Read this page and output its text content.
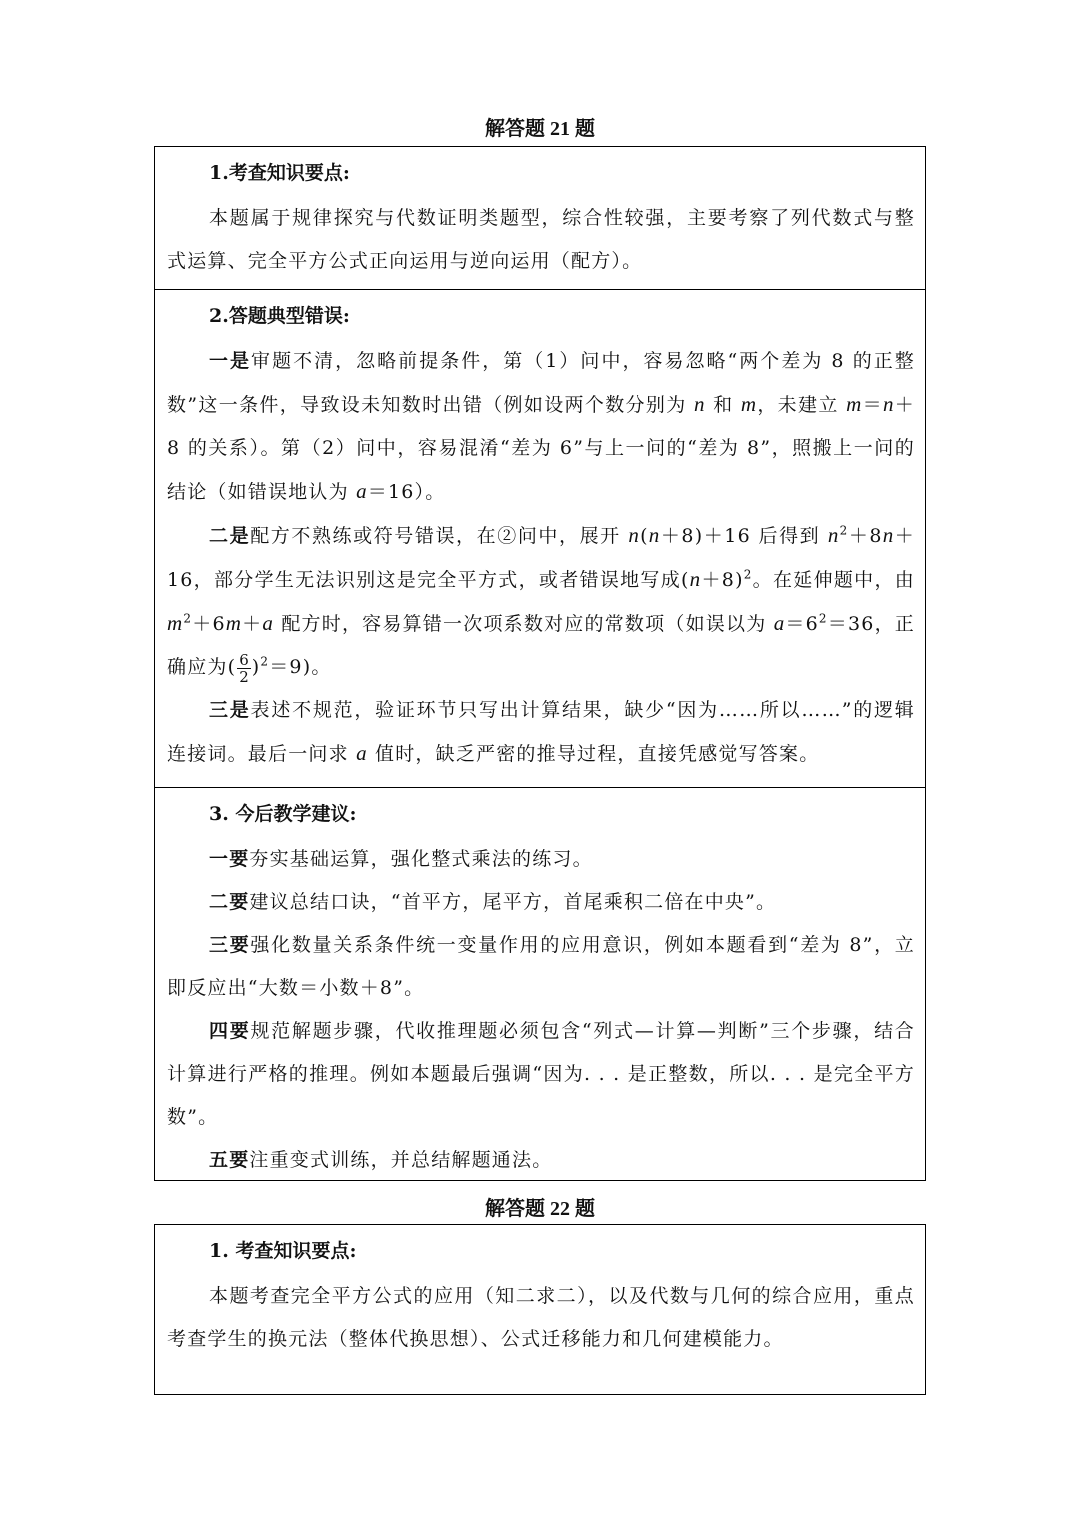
解答题 21 题
1.考查知识要点:

本题属于规律探究与代数证明类题型，综合性较强，主要考察了列代数式与整式运算、完全平方公式正向运用与逆向运用（配方）。

2.答题典型错误:

一是审题不清，忽略前提条件，第（1）问中，容易忽略“两个差为 8 的正整数”这一条件，导致设未知数时出错（例如设两个数分别为 n 和 m，未建立 m＝n＋8 的关系）。第（2）问中，容易混淆“差为 6”与上一问的“差为 8”，照搬上一问的结论（如错误地认为 a＝16）。

二是配方不熟练或符号错误，在②问中，展开 n(n＋8)＋16 后得到 $n^2+8n+16$，部分学生无法识别这是完全平方式，或者错误地写成$(n+8)^2$。在延伸题中，由 $m^2+6m+a$ 配方时，容易算错一次项系数对应的常数项（如误以为 $a=6^2=36$，正确应为( $\frac{6}{2} )^2=9$)。

三是表述不规范，验证环节只写出计算结果，缺少“因为……所以……”的逻辑连接词。最后一问求 a 值时，缺乏严密的推导过程，直接凭感觉写答案。

3. 今后教学建议:

一要夯实基础运算，强化整式乘法的练习。

二要建议总结口诀，“首平方，尾平方，首尾乘积二倍在中央”。

三要强化数量关系条件统一变量作用的应用意识，例如本题看到“差为 8”，立即反应出“大数＝小数＋8”。

四要规范解题步骤，代收推理题必须包含“列式—计算—判断”三个步骤，结合计算进行严格的推理。例如本题最后强调“因为. . . 是正整数，所以. . . 是完全平方数”。

五要注重变式训练，并总结解题通法。

解答题 22 题
1. 考查知识要点:

本题考查完全平方公式的应用（知二求二），以及代数与几何的综合应用，重点考查学生的换元法（整体代换思想）、公式迁移能力和几何建模能力。
